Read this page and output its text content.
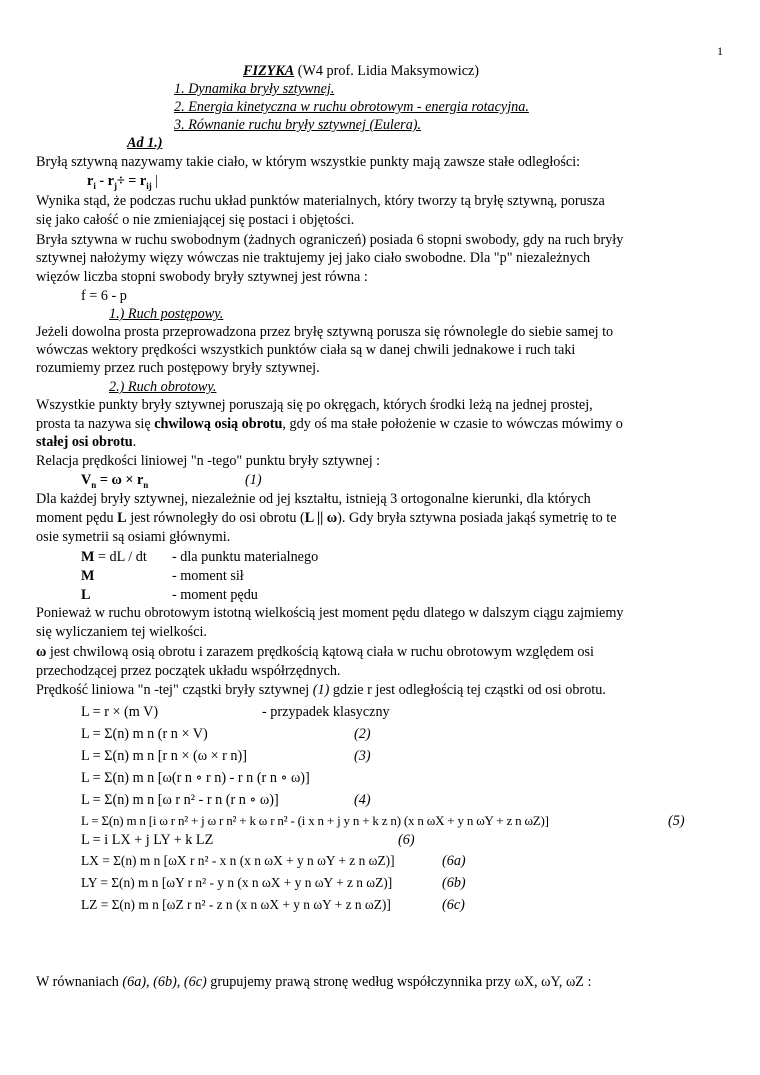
1
FIZYKA (W4 prof. Lidia Maksymowicz)
1. Dynamika bryły sztywnej.
2. Energia kinetyczna w ruchu obrotowym - energia rotacyjna.
3. Równanie ruchu bryły sztywnej (Eulera).
Ad 1.)
Bryłą sztywną nazywamy takie ciało, w którym wszystkie punkty mają zawsze stałe odległości:
$r_i - r_j\div = r_{ij}$ |
Wynika stąd, że podczas ruchu układ punktów materialnych, który tworzy tą bryłę sztywną, porusza
się jako całość o nie zmieniającej się postaci i objętości.
Bryła sztywna w ruchu swobodnym (żadnych ograniczeń) posiada 6 stopni swobody, gdy na ruch bryły
sztywnej nałożymy więzy wówczas nie traktujemy jej jako ciało swobodne. Dla "p" niezależnych
więzów liczba stopni swobody bryły sztywnej jest równa :
f = 6 - p
1.) Ruch postępowy.
Jeżeli dowolna prosta przeprowadzona przez bryłę sztywną porusza się równolegle do siebie samej to
wówczas wektory prędkości wszystkich punktów ciała są w danej chwili jednakowe i ruch taki
rozumiemy przez ruch postępowy bryły sztywnej.
2.) Ruch obrotowy.
Wszystkie punkty bryły sztywnej poruszają się po okręgach, których środki leżą na jednej prostej,
prosta ta nazywa się chwilową osią obrotu, gdy oś ma stałe położenie w czasie to wówczas mówimy o
stałej osi obrotu.
Relacja prędkości liniowej "n -tego" punktu bryły sztywnej :
$V_n = \omega \times r_n$	(1)
Dla każdej bryły sztywnej, niezależnie od jej kształtu, istnieją 3 ortogonalne kierunki, dla których
moment pędu L jest równoległy do osi obrotu (L || ω). Gdy bryła sztywna posiada jakąś symetrię to te
osie symetrii są osiami głównymi.
M = dL / dt - dla punktu materialnego
M	- moment sił
L	- moment pędu
Ponieważ w ruchu obrotowym istotną wielkością jest moment pędu dlatego w dalszym ciągu zajmiemy
się wyliczaniem tej wielkości.
ω jest chwilową osią obrotu i zarazem prędkością kątową ciała w ruchu obrotowym względem osi
przechodzącej przez początek układu współrzędnych.
Prędkość liniowa "n -tej" cząstki bryły sztywnej (1) gdzie r jest odległością tej cząstki od osi obrotu.
L = r × (m V)	- przypadek klasyczny
L = Σ(n) m n (r n × V)	(2)
L = Σ(n) m n [r n × (ω × r n)]	(3)
L = Σ(n) m n [ω(r n ∘ r n) - r n (r n ∘ ω)]
L = Σ(n) m n [ω r n² - r n (r n ∘ ω)]	(4)
L = Σ(n) m n [i ω r n² + j ω r n² + k ω r n² - (i x n + j y n + k z n) (x n ωX + y n ωY + z n ωZ)]	(5)
L = i LX + j LY + k LZ	(6)
LX = Σ(n) m n [ωX r n² - x n (x n ωX + y n ωY + z n ωZ)]	(6a)
LY = Σ(n) m n [ωY r n² - y n (x n ωX + y n ωY + z n ωZ)]	(6b)
LZ = Σ(n) m n [ωZ r n² - z n (x n ωX + y n ωY + z n ωZ)]	(6c)
W równaniach (6a), (6b), (6c) grupujemy prawą stronę według współczynnika przy ωX, ωY, ωZ :
